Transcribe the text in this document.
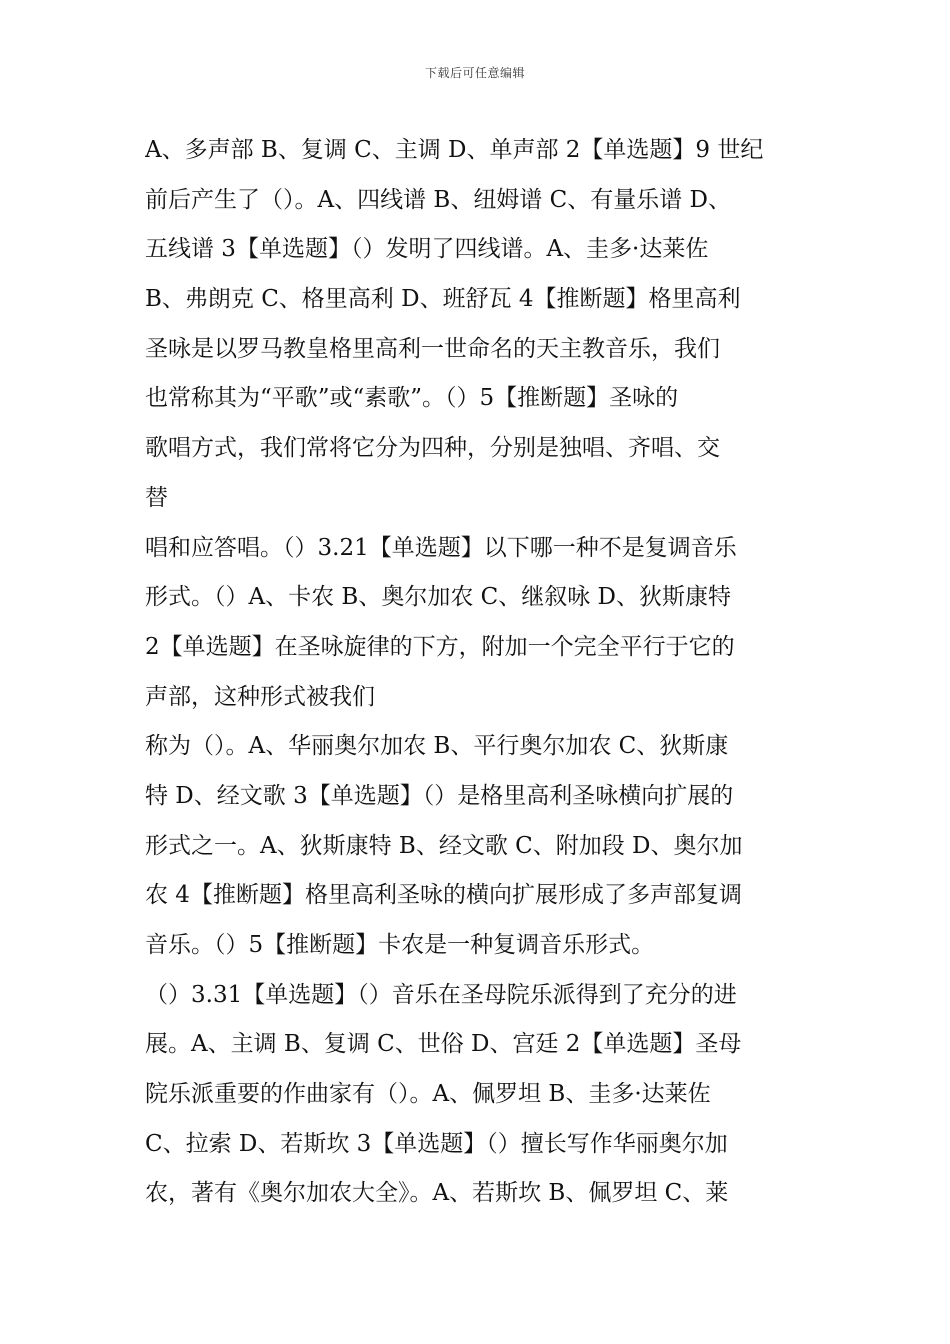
下载后可任意编辑
A、多声部 B、复调 C、主调 D、单声部 2【单选题】9 世纪
前后产生了（）。A、四线谱 B、纽姆谱 C、有量乐谱 D、
五线谱 3【单选题】（）发明了四线谱。A、圭多·达莱佐
B、弗朗克 C、格里高利 D、班舒瓦 4【推断题】格里高利
圣咏是以罗马教皇格里高利一世命名的天主教音乐，我们
也常称其为“平歌”或“素歌”。（）5【推断题】圣咏的
歌唱方式，我们常将它分为四种，分别是独唱、齐唱、交
替
唱和应答唱。（）3.21【单选题】以下哪一种不是复调音乐
形式。（）A、卡农 B、奥尔加农 C、继叙咏 D、狄斯康特
2【单选题】在圣咏旋律的下方，附加一个完全平行于它的
声部，这种形式被我们
称为（）。A、华丽奥尔加农 B、平行奥尔加农 C、狄斯康
特 D、经文歌 3【单选题】（）是格里高利圣咏横向扩展的
形式之一。A、狄斯康特 B、经文歌 C、附加段 D、奥尔加
农 4【推断题】格里高利圣咏的横向扩展形成了多声部复调
音乐。（）5【推断题】卡农是一种复调音乐形式。
（）3.31【单选题】（）音乐在圣母院乐派得到了充分的进
展。A、主调 B、复调 C、世俗 D、宫廷 2【单选题】圣母
院乐派重要的作曲家有（）。A、佩罗坦 B、圭多·达莱佐
C、拉索 D、若斯坎 3【单选题】（）擅长写作华丽奥尔加
农，著有《奥尔加农大全》。A、若斯坎 B、佩罗坦 C、莱
